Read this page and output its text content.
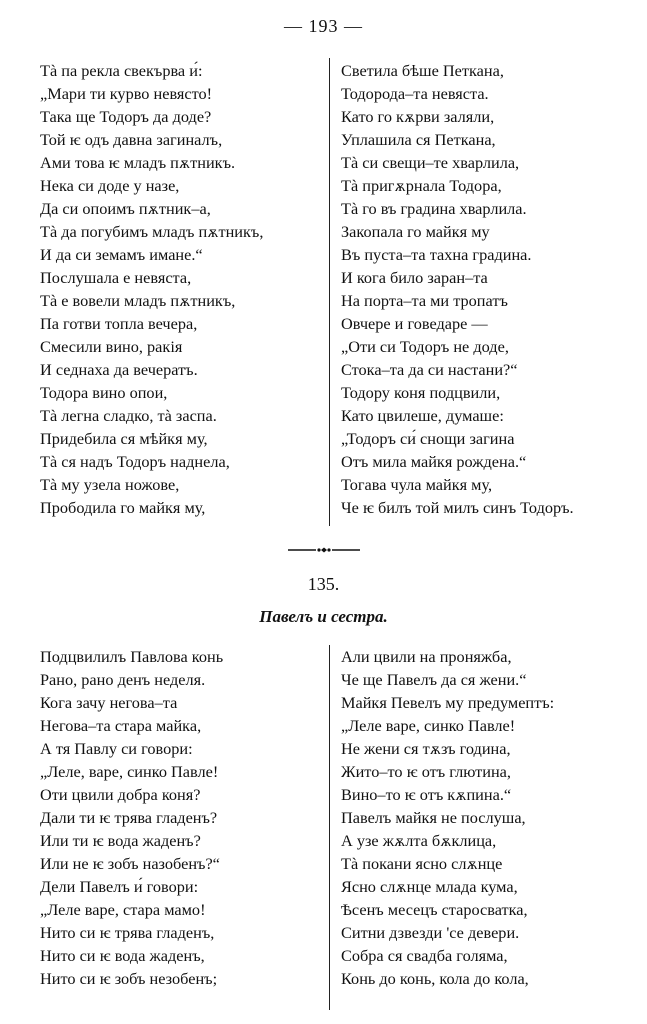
— 193 —
Тà па рекла свекърва и́:
„Мари ти курво невясто!
Така ще Тодоръ да доде?
Той ѥ одъ давна загиналъ,
Ами това ѥ младъ пѫтникъ.
Нека си доде у назе,
Да си опоимъ пѫтник–а,
Тà да погубимъ младъ пѫтникъ,
И да си земамъ имане.“
Послушала е невяста,
Тà е вовели младъ пѫтникъ,
Па готви топла вечера,
Смесили вино, ракія
И седнаха да вечератъ.
Тодора вино опои,
Тà легна сладко, тà заспа.
Придебила ся мѣйкя му,
Тà ся надъ Тодоръ наднела,
Тà му узела ножове,
Прободила го майкя му,
Светила бѣше Петкана,
Тодорода–та невяста.
Като го кѫрви заляли,
Уплашила ся Петкана,
Тà си свещи–те хварлила,
Тà пригѫрнала Тодора,
Тà го въ градина хварлила.
Закопала го майкя му
Въ пуста–та тахна градина.
И кога било заран–та
На порта–та ми тропатъ
Овчере и говедаре —
„Оти си Тодоръ не доде,
Стока–та да си настани?“
Тодору коня подцвили,
Като цвилеше, думаше:
„Тодоръ си́ снощи загина
Отъ мила майкя рождена.“
Тогава чула майкя му,
Че ѥ билъ той милъ синъ Тодоръ.
135.
Павелъ и сестра.
Подцвилилъ Павлова конь
Рано, рано денъ неделя.
Кога зачу негова–та
Негова–та стара майка,
А тя Павлу си говори:
„Леле, варе, синко Павле!
Оти цвили добра коня?
Дали ти ѥ трява гладенъ?
Или ти ѥ вода жаденъ?
Или не ѥ зобъ назобенъ?“
Дели Павелъ и́ говори:
„Леле варе, стара мамо!
Нито си ѥ трява гладенъ,
Нито си ѥ вода жаденъ,
Нито си ѥ зобъ незобенъ;
Али цвили на проняжба,
Че ще Павелъ да ся жени.“
Майкя Певелъ му предумептъ:
„Леле варе, синко Павле!
Не жени ся тѫзъ година,
Жито–то ѥ отъ глютина,
Вино–то ѥ отъ кѫпина.“
Павелъ майкя не послуша,
А узе жѫлта бѫклица,
Тà покани ясно слѫнце
Ясно слѫнце млада кума,
Ѣсенъ месецъ старосватка,
Ситни дзвезди 'се девери.
Собра ся свадба голяма,
Конь до конь, кола до кола,
